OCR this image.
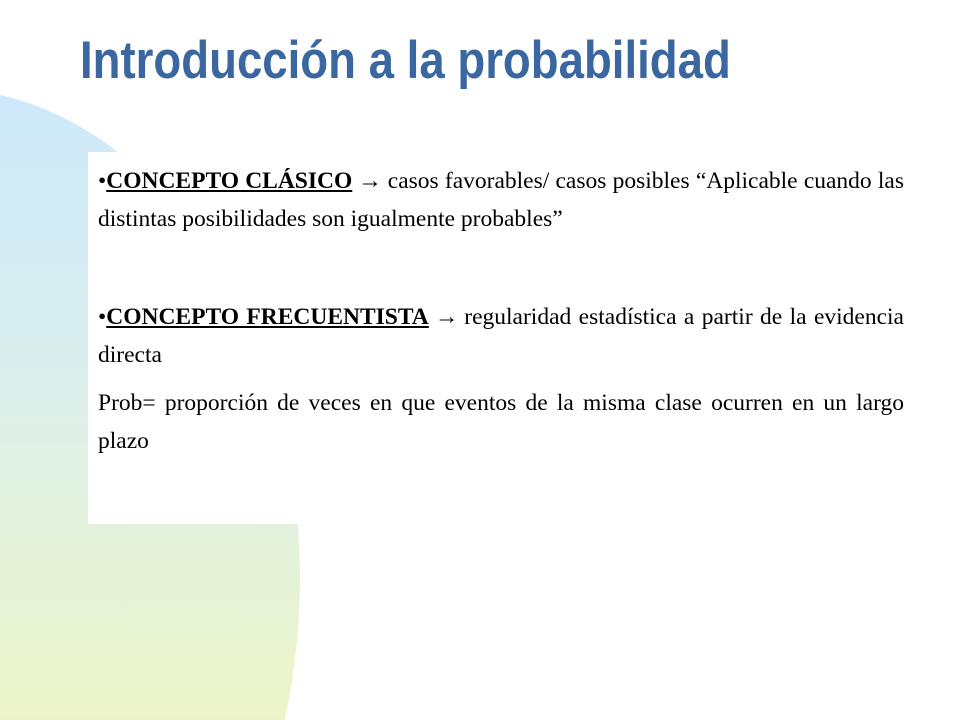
Introducción a la probabilidad

•CONCEPTO CLÁSICO → casos favorables/ casos posibles “Aplicable cuando las distintas posibilidades son igualmente probables”

•CONCEPTO FRECUENTISTA → regularidad estadística a partir de la evidencia directa

Prob= proporción de veces en que eventos de la misma clase ocurren en un largo plazo
